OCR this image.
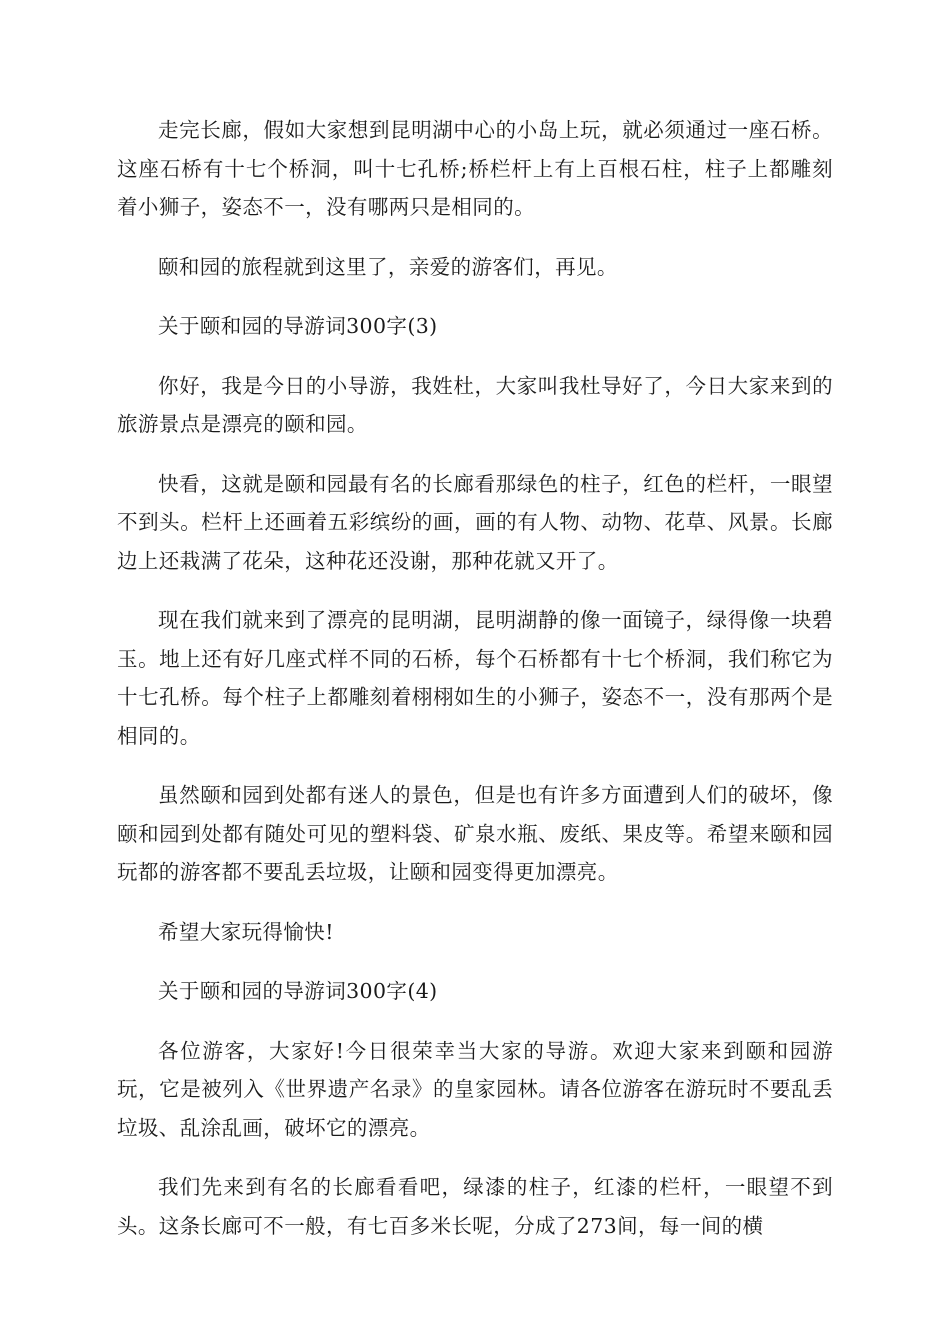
走完长廊，假如大家想到昆明湖中心的小岛上玩，就必须通过一座石桥。这座石桥有十七个桥洞，叫十七孔桥;桥栏杆上有上百根石柱，柱子上都雕刻着小狮子，姿态不一，没有哪两只是相同的。

颐和园的旅程就到这里了，亲爱的游客们，再见。

关于颐和园的导游词300字(3)

你好，我是今日的小导游，我姓杜，大家叫我杜导好了，今日大家来到的旅游景点是漂亮的颐和园。

快看，这就是颐和园最有名的长廊看那绿色的柱子，红色的栏杆，一眼望不到头。栏杆上还画着五彩缤纷的画，画的有人物、动物、花草、风景。长廊边上还栽满了花朵，这种花还没谢，那种花就又开了。

现在我们就来到了漂亮的昆明湖，昆明湖静的像一面镜子，绿得像一块碧玉。地上还有好几座式样不同的石桥，每个石桥都有十七个桥洞，我们称它为十七孔桥。每个柱子上都雕刻着栩栩如生的小狮子，姿态不一，没有那两个是相同的。

虽然颐和园到处都有迷人的景色，但是也有许多方面遭到人们的破坏，像颐和园到处都有随处可见的塑料袋、矿泉水瓶、废纸、果皮等。希望来颐和园玩都的游客都不要乱丢垃圾，让颐和园变得更加漂亮。

希望大家玩得愉快!

关于颐和园的导游词300字(4)

各位游客，大家好!今日很荣幸当大家的导游。欢迎大家来到颐和园游玩，它是被列入《世界遗产名录》的皇家园林。请各位游客在游玩时不要乱丢垃圾、乱涂乱画，破坏它的漂亮。

我们先来到有名的长廊看看吧，绿漆的柱子，红漆的栏杆，一眼望不到头。这条长廊可不一般，有七百多米长呢，分成了273间，每一间的横
